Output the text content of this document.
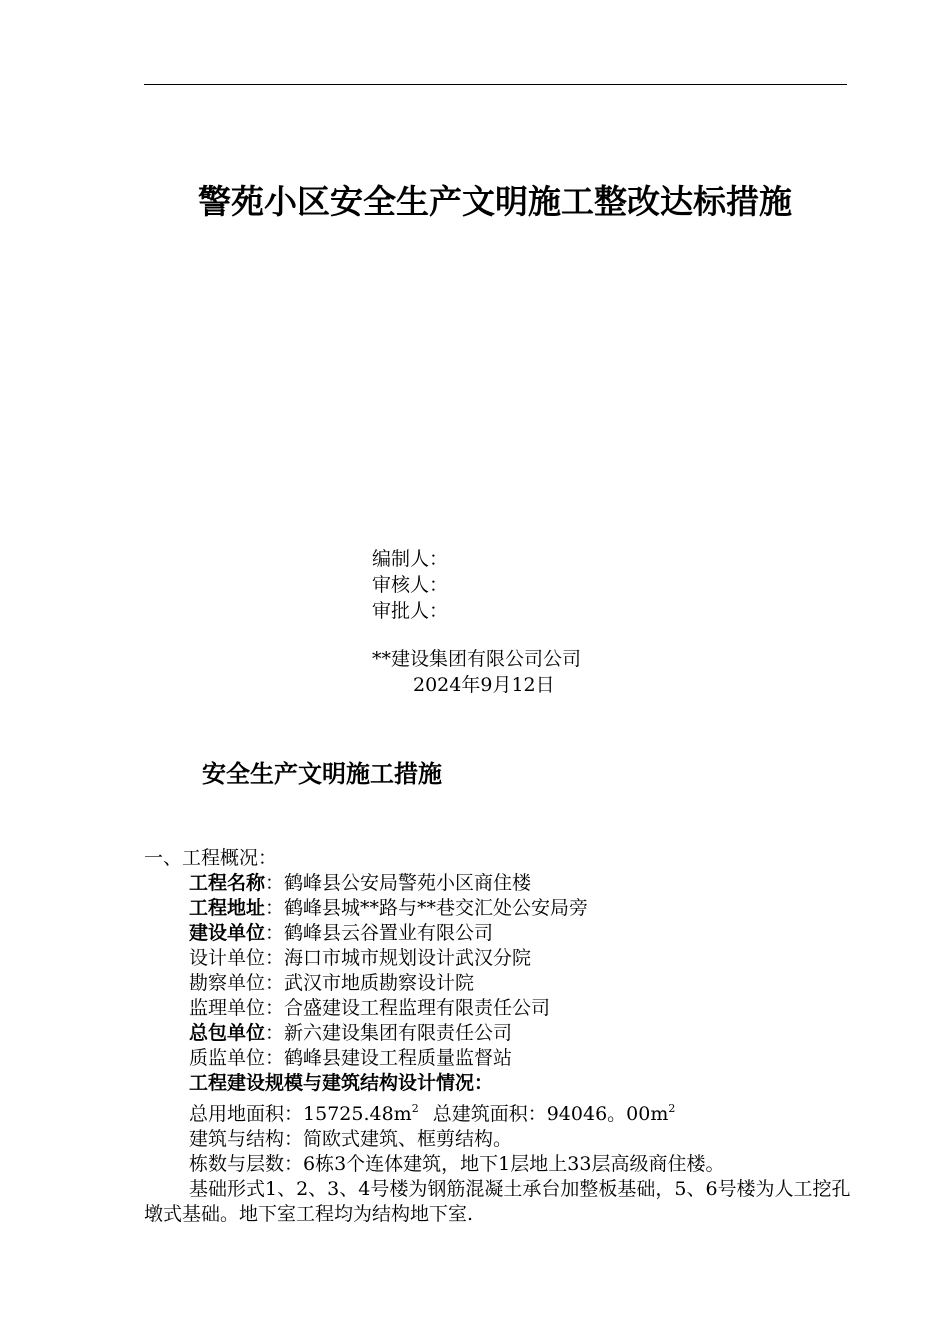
警苑小区安全生产文明施工整改达标措施
编制人：
审核人：
审批人：
**建设集团有限公司公司
2024年9月12日
安全生产文明施工措施
一、工程概况：
工程名称：鹤峰县公安局警苑小区商住楼
工程地址：鹤峰县城**路与**巷交汇处公安局旁
建设单位：鹤峰县云谷置业有限公司
设计单位：海口市城市规划设计武汉分院
勘察单位：武汉市地质勘察设计院
监理单位：合盛建设工程监理有限责任公司
总包单位：新六建设集团有限责任公司
质监单位：鹤峰县建设工程质量监督站
工程建设规模与建筑结构设计情况：
总用地面积：$15725.48m^2$ 总建筑面积：94046。$00m^2$
建筑与结构：简欧式建筑、框剪结构。
栋数与层数：6栋3个连体建筑，地下1层地上33层高级商住楼。
基础形式1、2、3、4号楼为钢筋混凝土承台加整板基础，5、6号楼为人工挖孔墩式基础。地下室工程均为结构地下室.
